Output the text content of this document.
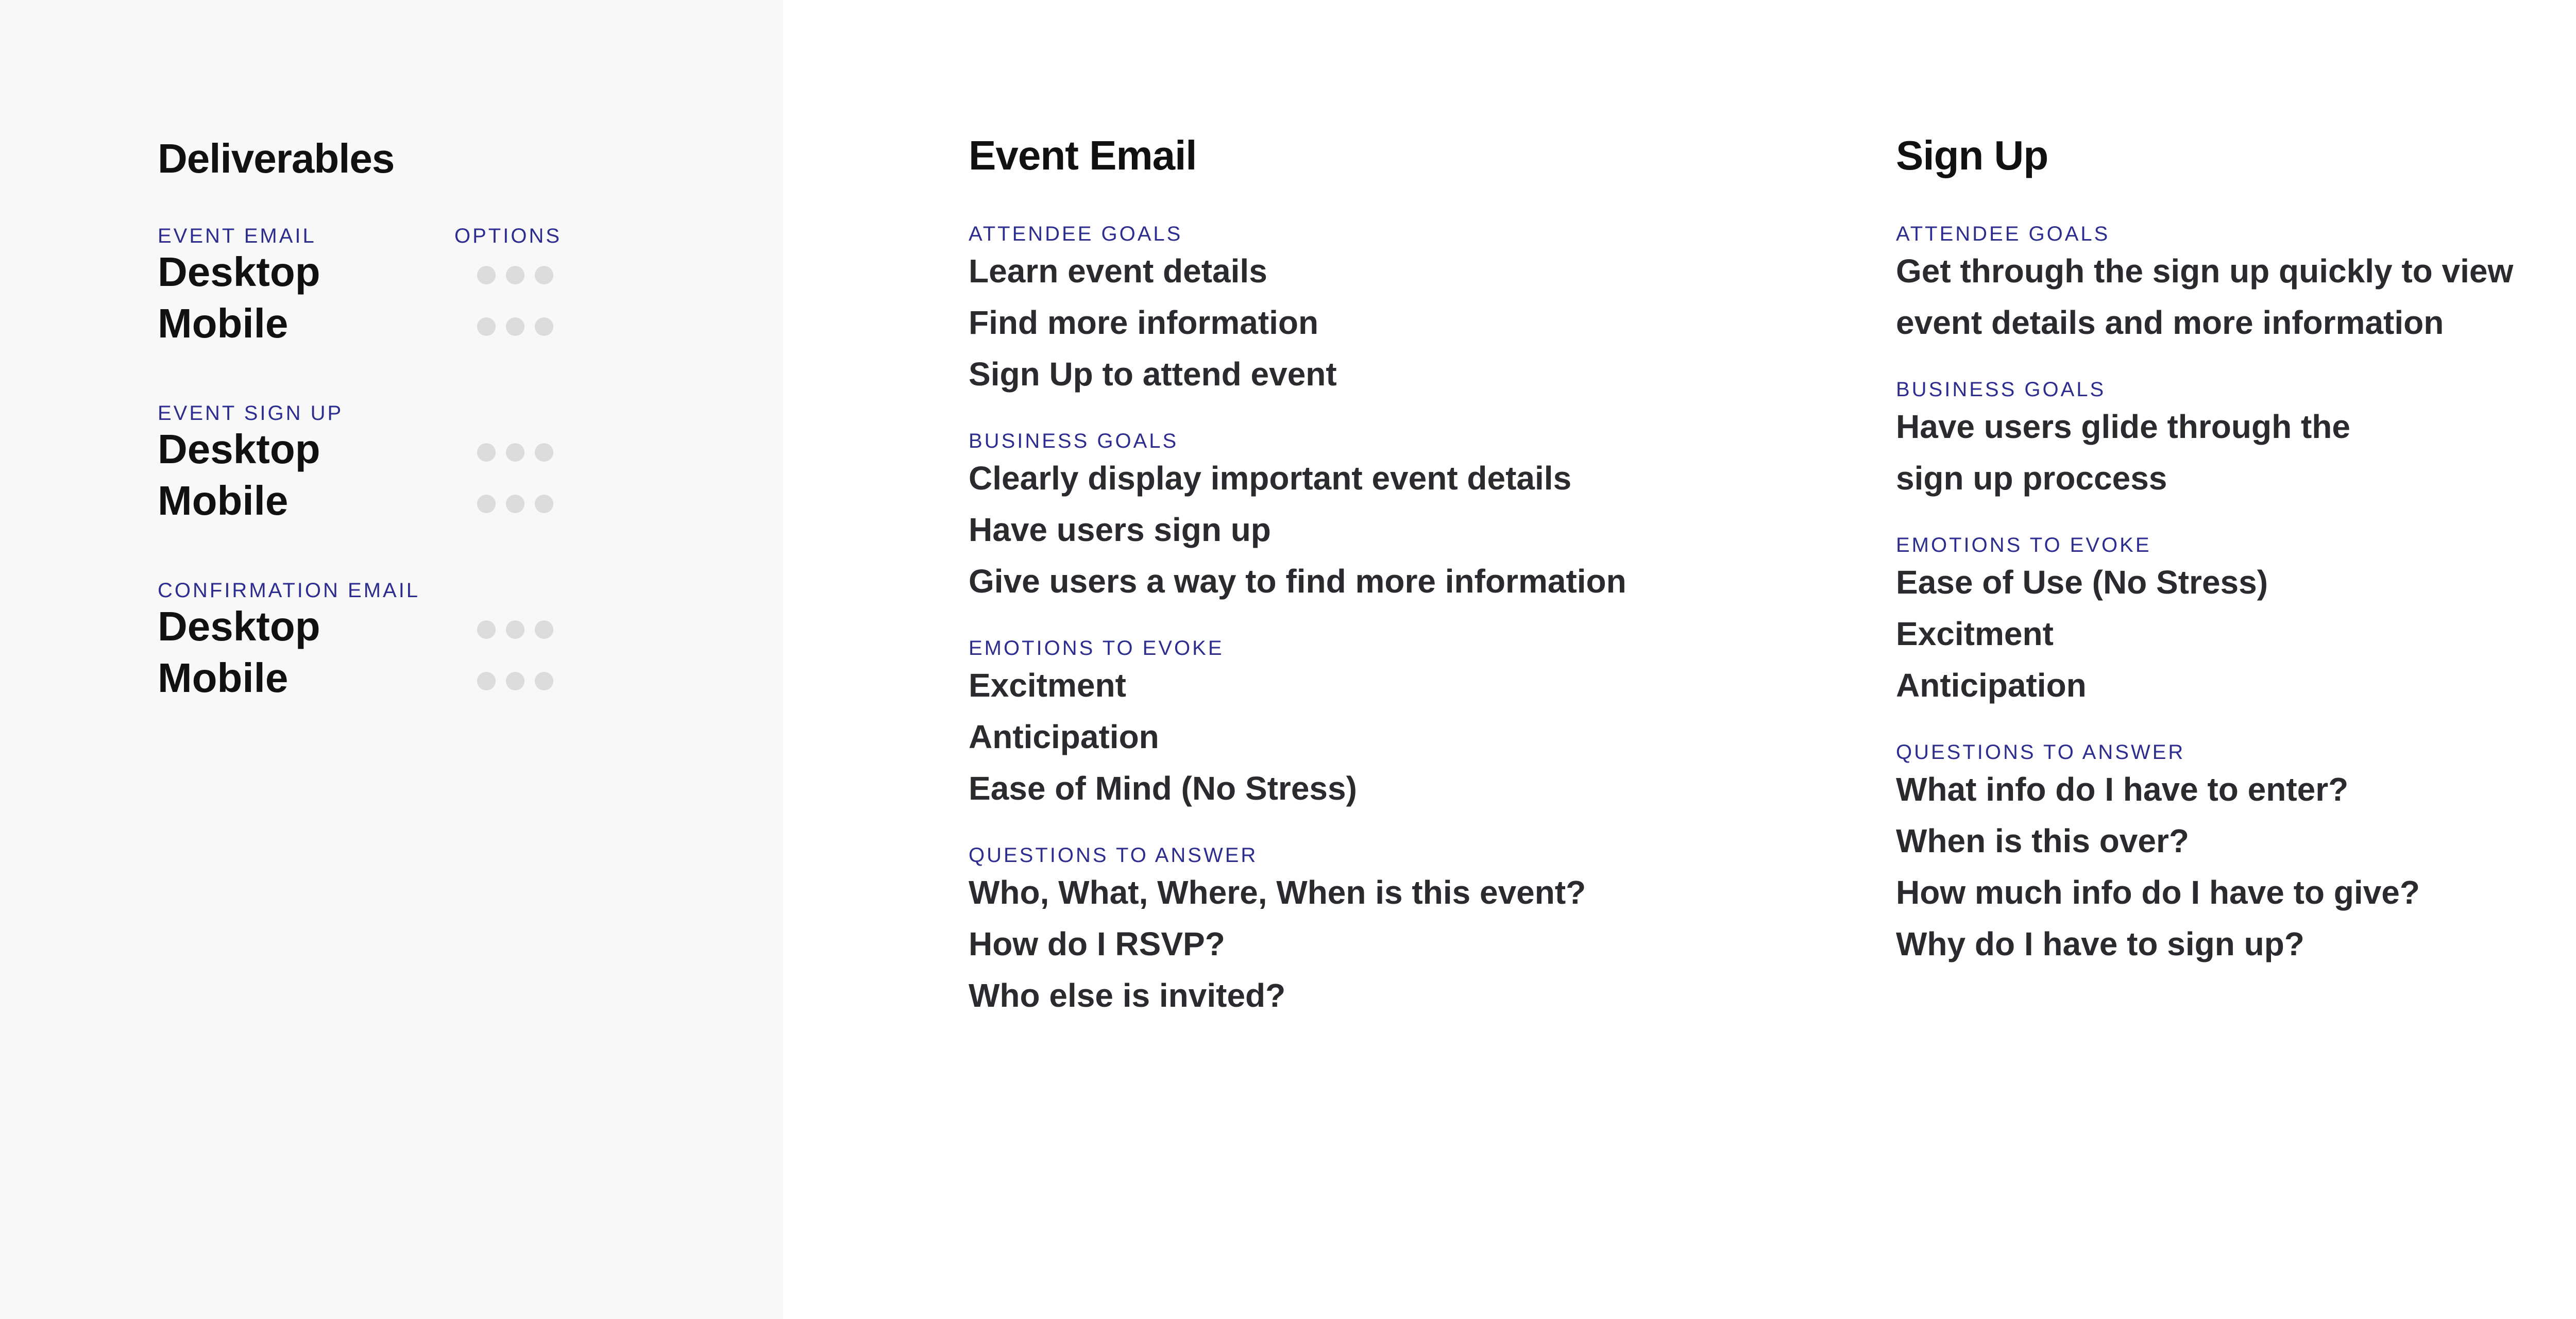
Deliverables
EVENT EMAIL	OPTIONS
Desktop
Mobile
EVENT SIGN UP
Desktop
Mobile
CONFIRMATION EMAIL
Desktop
Mobile
Event Email
ATTENDEE GOALS
Learn event details
Find more information
Sign Up to attend event
BUSINESS GOALS
Clearly display important event details
Have users sign up
Give users a way to find more information
EMOTIONS TO EVOKE
Excitment
Anticipation
Ease of Mind (No Stress)
QUESTIONS TO ANSWER
Who, What, Where, When is this event?
How do I RSVP?
Who else is invited?
Sign Up
ATTENDEE GOALS
Get through the sign up quickly to view
event details and more information
BUSINESS GOALS
Have users glide through the
sign up proccess
EMOTIONS TO EVOKE
Ease of Use (No Stress)
Excitment
Anticipation
QUESTIONS TO ANSWER
What info do I have to enter?
When is this over?
How much info do I have to give?
Why do I have to sign up?
